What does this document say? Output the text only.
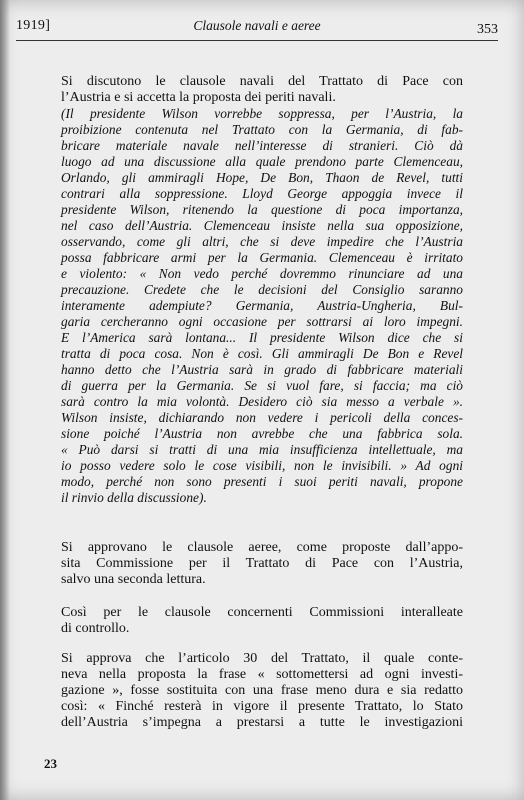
1919]	Clausole navali e aeree	353
Si discutono le clausole navali del Trattato di Pace con
l’Austria e si accetta la proposta dei periti navali.
(Il presidente Wilson vorrebbe soppressa, per l’Austria, la
proibizione contenuta nel Trattato con la Germania, di fab-
bricare materiale navale nell’interesse di stranieri. Ciò dà
luogo ad una discussione alla quale prendono parte Clemenceau,
Orlando, gli ammiragli Hope, De Bon, Thaon de Revel, tutti
contrari alla soppressione. Lloyd George appoggia invece il
presidente Wilson, ritenendo la questione di poca importanza,
nel caso dell’Austria. Clemenceau insiste nella sua opposizione,
osservando, come gli altri, che si deve impedire che l’Austria
possa fabbricare armi per la Germania. Clemenceau è irritato
e violento: « Non vedo perché dovremmo rinunciare ad una
precauzione. Credete che le decisioni del Consiglio saranno
interamente adempiute? Germania, Austria-Ungheria, Bul-
garia cercheranno ogni occasione per sottrarsi ai loro impegni.
E l’America sarà lontana... Il presidente Wilson dice che si
tratta di poca cosa. Non è così. Gli ammiragli De Bon e Revel
hanno detto che l’Austria sarà in grado di fabbricare materiali
di guerra per la Germania. Se si vuol fare, si faccia; ma ciò
sarà contro la mia volontà. Desidero ciò sia messo a verbale ».
Wilson insiste, dichiarando non vedere i pericoli della conces-
sione poiché l’Austria non avrebbe che una fabbrica sola.
« Può darsi si tratti di una mia insufficienza intellettuale, ma
io posso vedere solo le cose visibili, non le invisibili. » Ad ogni
modo, perché non sono presenti i suoi periti navali, propone
il rinvio della discussione).
Si approvano le clausole aeree, come proposte dall’appo-
sita Commissione per il Trattato di Pace con l’Austria,
salvo una seconda lettura.
Così per le clausole concernenti Commissioni interalleate
di controllo.
Si approva che l’articolo 30 del Trattato, il quale conte-
neva nella proposta la frase « sottomettersi ad ogni investi-
gazione », fosse sostituita con una frase meno dura e sia redatto
così: « Finché resterà in vigore il presente Trattato, lo Stato
dell’Austria s’impegna a prestarsi a tutte le investigazioni
23
